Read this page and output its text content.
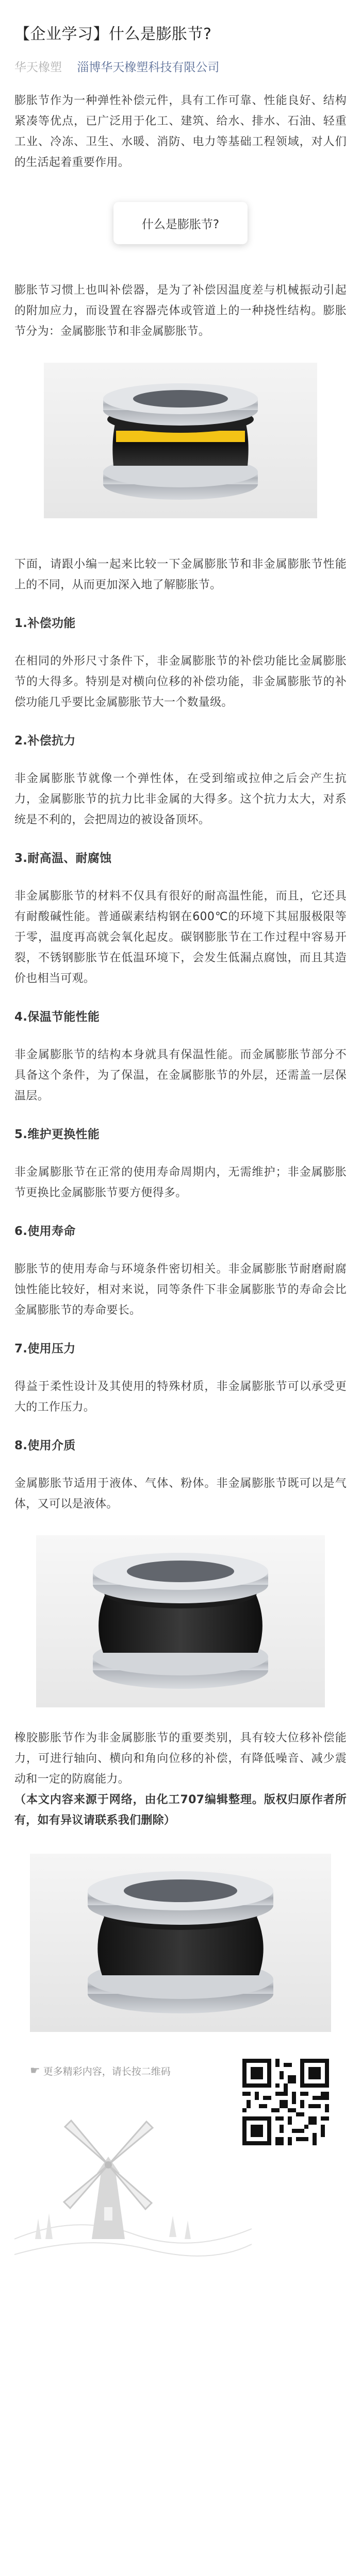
【企业学习】什么是膨胀节?
华天橡塑 淄博华天橡塑科技有限公司

膨胀节作为一种弹性补偿元件，具有工作可靠、性能良好、结构紧凑等优点，已广泛用于化工、建筑、给水、排水、石油、轻重工业、冷冻、卫生、水暖、消防、电力等基础工程领域，对人们的生活起着重要作用。

什么是膨胀节?

膨胀节习惯上也叫补偿器，是为了补偿因温度差与机械振动引起的附加应力，而设置在容器壳体或管道上的一种挠性结构。膨胀节分为：金属膨胀节和非金属膨胀节。

下面，请跟小编一起来比较一下金属膨胀节和非金属膨胀节性能上的不同，从而更加深入地了解膨胀节。

1.补偿功能

在相同的外形尺寸条件下，非金属膨胀节的补偿功能比金属膨胀节的大得多。特别是对横向位移的补偿功能，非金属膨胀节的补偿功能几乎要比金属膨胀节大一个数量级。

2.补偿抗力

非金属膨胀节就像一个弹性体，在受到缩或拉伸之后会产生抗力，金属膨胀节的抗力比非金属的大得多。这个抗力太大，对系统是不利的，会把周边的被设备顶坏。

3.耐高温、耐腐蚀

非金属膨胀节的材料不仅具有很好的耐高温性能，而且，它还具有耐酸碱性能。普通碳素结构钢在600℃的环境下其屈服极限等于零，温度再高就会氧化起皮。碳钢膨胀节在工作过程中容易开裂，不锈钢膨胀节在低温环境下，会发生低漏点腐蚀，而且其造价也相当可观。

4.保温节能性能

非金属膨胀节的结构本身就具有保温性能。而金属膨胀节部分不具备这个条件，为了保温，在金属膨胀节的外层，还需盖一层保温层。

5.维护更换性能

非金属膨胀节在正常的使用寿命周期内，无需维护；非金属膨胀节更换比金属膨胀节要方便得多。

6.使用寿命

膨胀节的使用寿命与环境条件密切相关。非金属膨胀节耐磨耐腐蚀性能比较好，相对来说，同等条件下非金属膨胀节的寿命会比金属膨胀节的寿命要长。

7.使用压力

得益于柔性设计及其使用的特殊材质，非金属膨胀节可以承受更大的工作压力。

8.使用介质

金属膨胀节适用于液体、气体、粉体。非金属膨胀节既可以是气体，又可以是液体。

橡胶膨胀节作为非金属膨胀节的重要类别，具有较大位移补偿能力，可进行轴向、横向和角向位移的补偿，有降低噪音、减少震动和一定的防腐能力。

（本文内容来源于网络，由化工707编辑整理。版权归原作者所有，如有异议请联系我们删除）

☛ 更多精彩内容，请长按二维码
